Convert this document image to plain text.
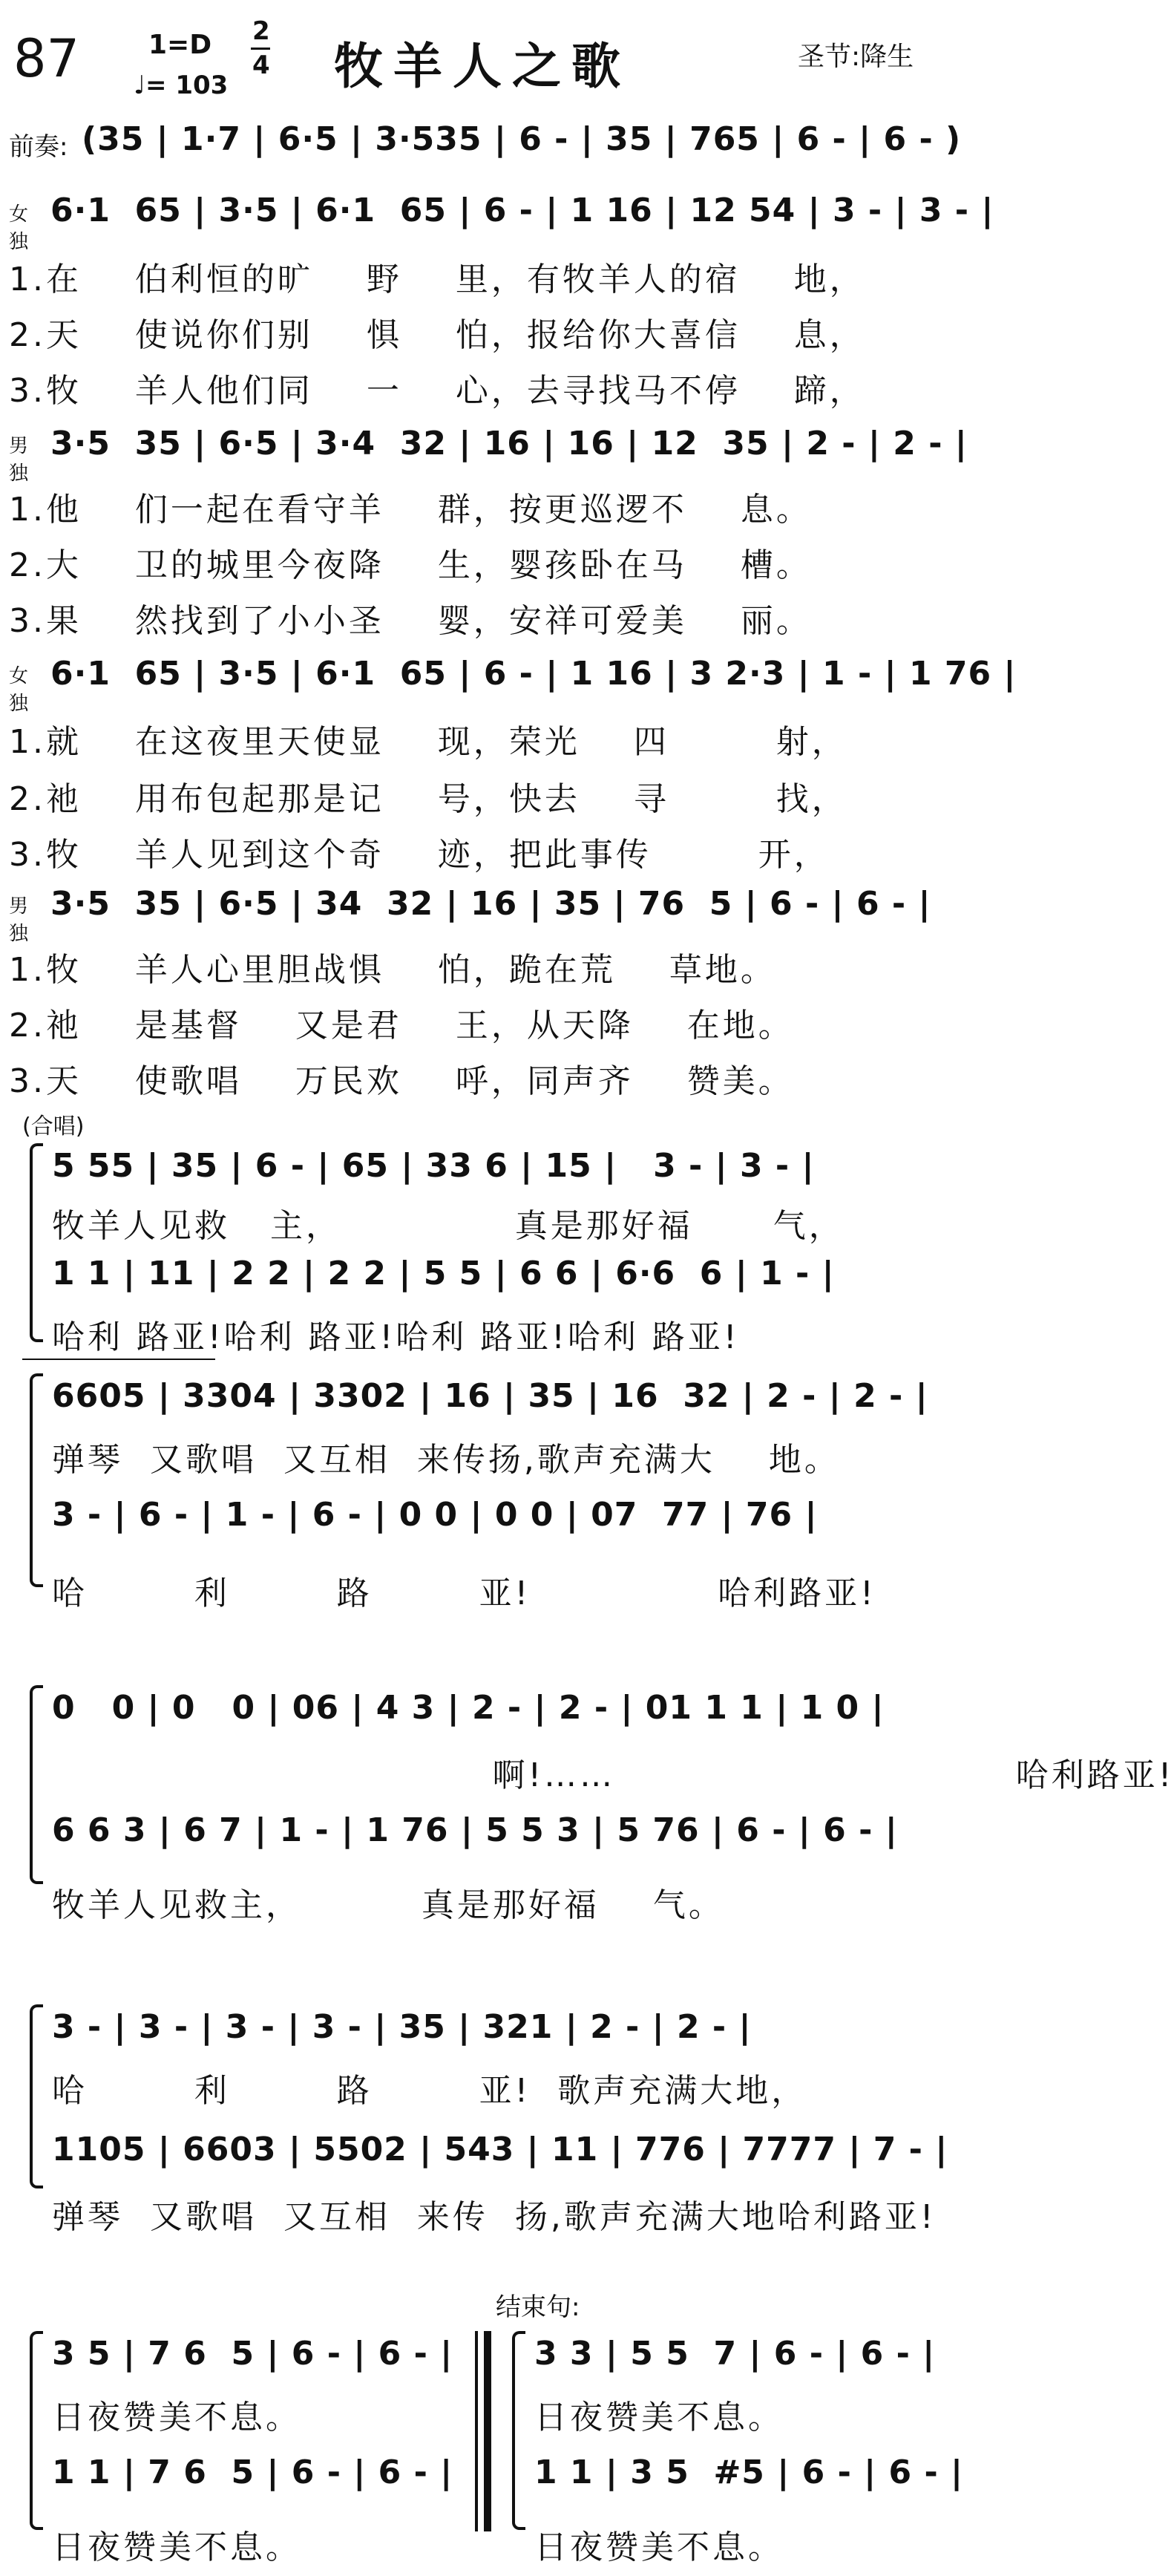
87	1=D 2
4
♩= 103 牧羊人之歌	圣节:降生
前奏: (35 | 1·7 | 6·5 | 3·535 | 6 - | 35 | 765 | 6 - | 6 - )
女独
6·1  65 | 3·5 | 6·1  65 | 6 - | 1 16 | 12 54 | 3 - | 3 - |
1.在    伯利恒的旷    野    里，有牧羊人的宿    地，
2.天    使说你们别    惧    怕，报给你大喜信    息，
3.牧    羊人他们同    一    心，去寻找马不停    蹄，
男独
3·5  35 | 6·5 | 3·4  32 | 16 | 16 | 12  35 | 2 - | 2 - |
1.他    们一起在看守羊    群，按更巡逻不    息。
2.大    卫的城里今夜降    生，婴孩卧在马    槽。
3.果    然找到了小小圣    婴，安祥可爱美    丽。
女独
6·1  65 | 3·5 | 6·1  65 | 6 - | 1 16 | 3 2·3 | 1 - | 1 76 |
1.就    在这夜里天使显    现，荣光    四        射，
2.祂    用布包起那是记    号，快去    寻        找，
3.牧    羊人见到这个奇    迹，把此事传        开，
男独
3·5  35 | 6·5 | 34  32 | 16 | 35 | 76  5 | 6 - | 6 - |
1.牧    羊人心里胆战惧    怕，跪在荒    草地。
2.祂    是基督    又是君    王，从天降    在地。
3.天    使歌唱    万民欢    呼，同声齐    赞美。
(合唱)
5 55 | 35 | 6 - | 65 | 33 6 | 15 |   3 - | 3 - |
牧羊人见救   主，             真是那好福      气，
1 1 | 11 | 2 2 | 2 2 | 5 5 | 6 6 | 6·6  6 | 1 - |
哈利 路亚!哈利 路亚!哈利 路亚!哈利 路亚!
6605 | 3304 | 3302 | 16 | 35 | 16  32 | 2 - | 2 - |
弹琴  又歌唱  又互相  来传扬,歌声充满大    地。
3 - | 6 - | 1 - | 6 - | 0 0 | 0 0 | 07  77 | 76 |
哈        利        路        亚!              哈利路亚!
0   0 | 0   0 | 06 | 4 3 | 2 - | 2 - | 01 1 1 | 1 0 |
啊!……                              哈利路亚!
6 6 3 | 6 7 | 1 - | 1 76 | 5 5 3 | 5 76 | 6 - | 6 - |
牧羊人见救主，         真是那好福    气。
3 - | 3 - | 3 - | 3 - | 35 | 321 | 2 - | 2 - |
哈        利        路        亚!  歌声充满大地，
1105 | 6603 | 5502 | 543 | 11 | 776 | 7777 | 7 - |
弹琴  又歌唱  又互相  来传  扬,歌声充满大地哈利路亚!
结束句:
3 5 | 7 6  5 | 6 - | 6 - |
日夜赞美不息。
1 1 | 7 6  5 | 6 - | 6 - |
日夜赞美不息。
3 3 | 5 5  7 | 6 - | 6 - |
日夜赞美不息。
1 1 | 3 5  #5 | 6 - | 6 - |
日夜赞美不息。
